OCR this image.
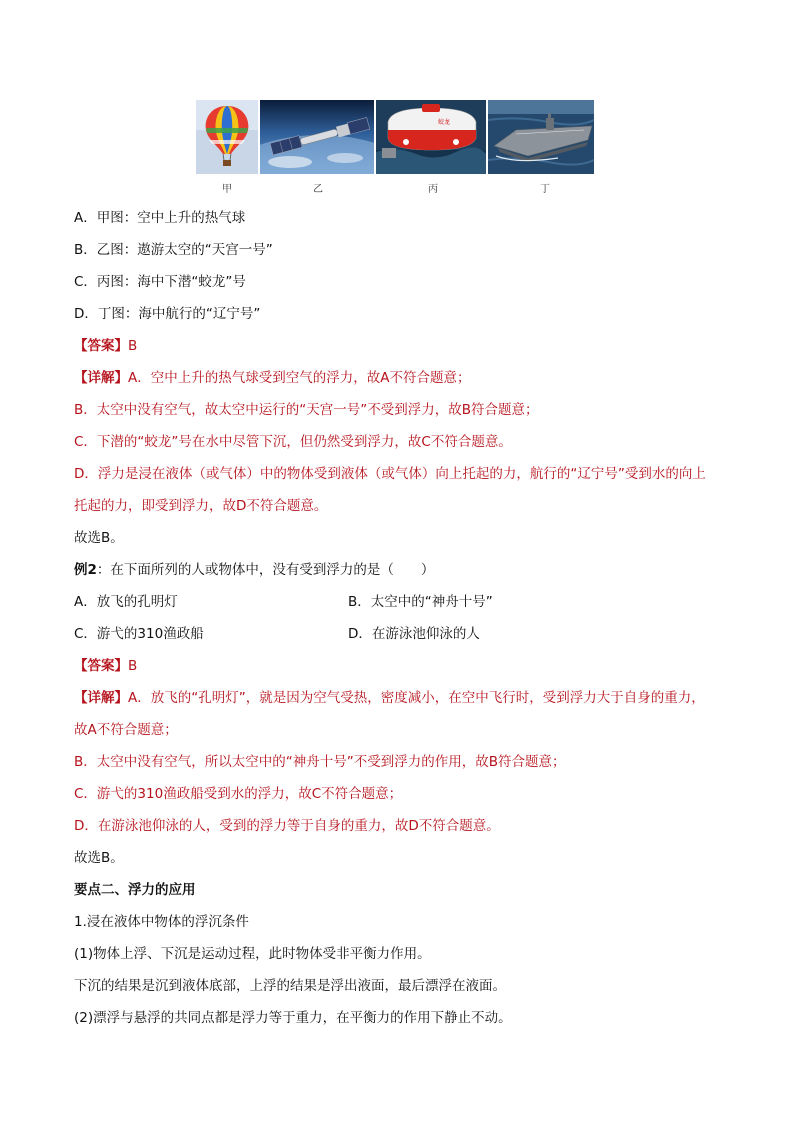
蛟龙
甲	乙	丙	丁
A．甲图：空中上升的热气球
B．乙图：遨游太空的“天宫一号”
C．丙图：海中下潜“蛟龙”号
D．丁图：海中航行的“辽宁号”
【答案】B
【详解】A．空中上升的热气球受到空气的浮力，故A不符合题意；
B．太空中没有空气，故太空中运行的“天宫一号”不受到浮力，故B符合题意；
C．下潜的“蛟龙”号在水中尽管下沉，但仍然受到浮力，故C不符合题意。
D．浮力是浸在液体（或气体）中的物体受到液体（或气体）向上托起的力，航行的“辽宁号”受到水的向上
托起的力，即受到浮力，故D不符合题意。
故选B。
例2：在下面所列的人或物体中，没有受到浮力的是（　　）
A．放飞的孔明灯	B．太空中的“神舟十号”
C．游弋的310渔政船	D．在游泳池仰泳的人
【答案】B
【详解】A．放飞的“孔明灯”，就是因为空气受热，密度减小，在空中飞行时，受到浮力大于自身的重力，
故A不符合题意；
B．太空中没有空气，所以太空中的“神舟十号”不受到浮力的作用，故B符合题意；
C．游弋的310渔政船受到水的浮力，故C不符合题意；
D．在游泳池仰泳的人，受到的浮力等于自身的重力，故D不符合题意。
故选B。
要点二、浮力的应用
1.浸在液体中物体的浮沉条件
(1)物体上浮、下沉是运动过程，此时物体受非平衡力作用。
下沉的结果是沉到液体底部，上浮的结果是浮出液面，最后漂浮在液面。
(2)漂浮与悬浮的共同点都是浮力等于重力，在平衡力的作用下静止不动。
